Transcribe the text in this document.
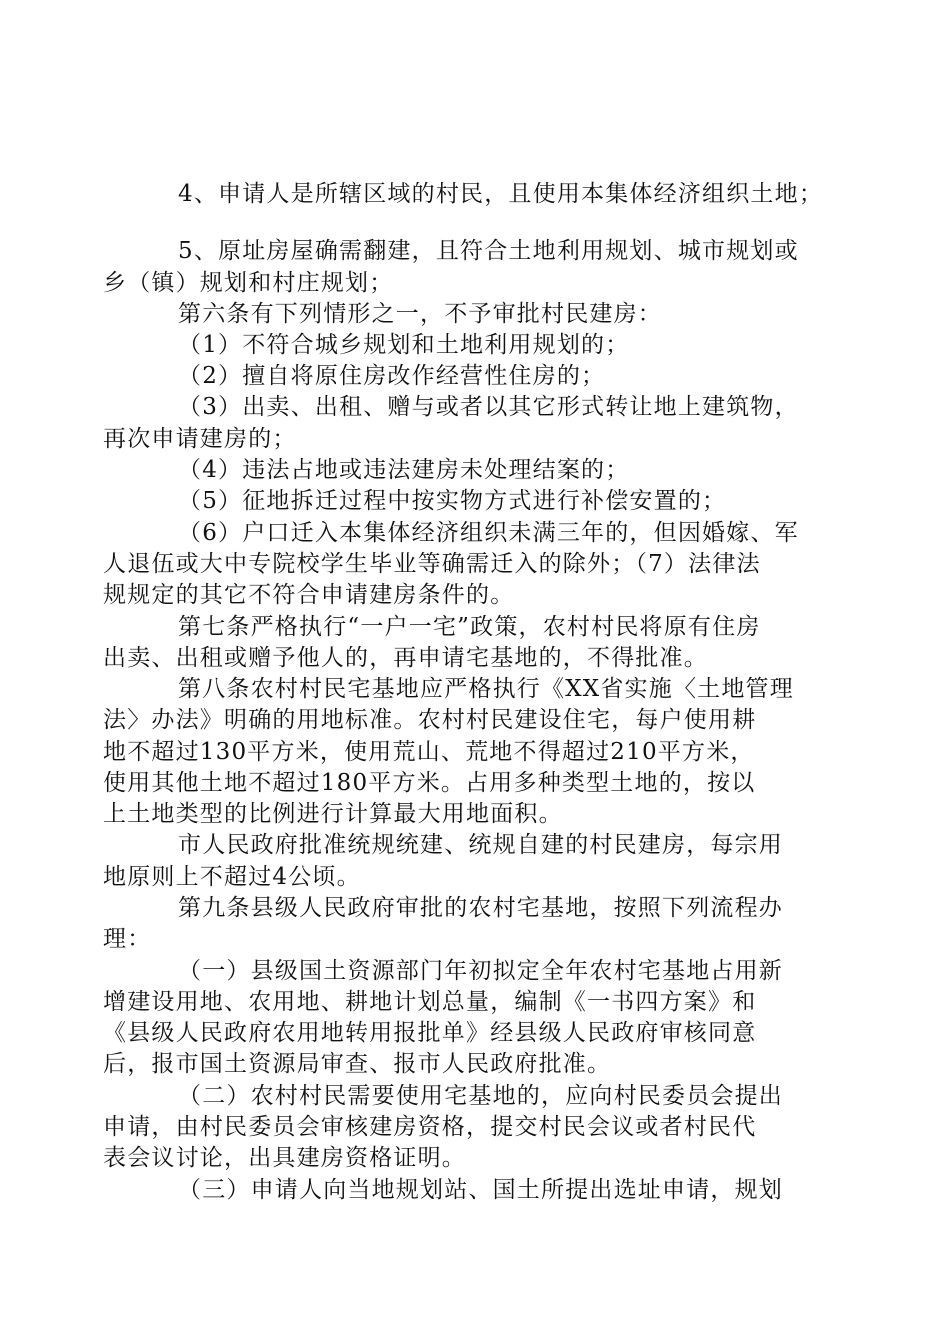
4、申请人是所辖区域的村民，且使用本集体经济组织土地；
5、原址房屋确需翻建，且符合土地利用规划、城市规划或
乡（镇）规划和村庄规划；
第六条有下列情形之一，不予审批村民建房：
（1）不符合城乡规划和土地利用规划的；
（2）擅自将原住房改作经营性住房的；
（3）出卖、出租、赠与或者以其它形式转让地上建筑物，
再次申请建房的；
（4）违法占地或违法建房未处理结案的；
（5）征地拆迁过程中按实物方式进行补偿安置的；
（6）户口迁入本集体经济组织未满三年的，但因婚嫁、军
人退伍或大中专院校学生毕业等确需迁入的除外；（7）法律法
规规定的其它不符合申请建房条件的。
第七条严格执行“一户一宅”政策，农村村民将原有住房
出卖、出租或赠予他人的，再申请宅基地的，不得批准。
第八条农村村民宅基地应严格执行《XX省实施〈土地管理
法〉办法》明确的用地标准。农村村民建设住宅，每户使用耕
地不超过130平方米，使用荒山、荒地不得超过210平方米，
使用其他土地不超过180平方米。占用多种类型土地的，按以
上土地类型的比例进行计算最大用地面积。
市人民政府批准统规统建、统规自建的村民建房，每宗用
地原则上不超过4公顷。
第九条县级人民政府审批的农村宅基地，按照下列流程办
理：
（一）县级国土资源部门年初拟定全年农村宅基地占用新
增建设用地、农用地、耕地计划总量，编制《一书四方案》和
《县级人民政府农用地转用报批单》经县级人民政府审核同意
后，报市国土资源局审查、报市人民政府批准。
（二）农村村民需要使用宅基地的，应向村民委员会提出
申请，由村民委员会审核建房资格，提交村民会议或者村民代
表会议讨论，出具建房资格证明。
（三）申请人向当地规划站、国土所提出选址申请，规划
